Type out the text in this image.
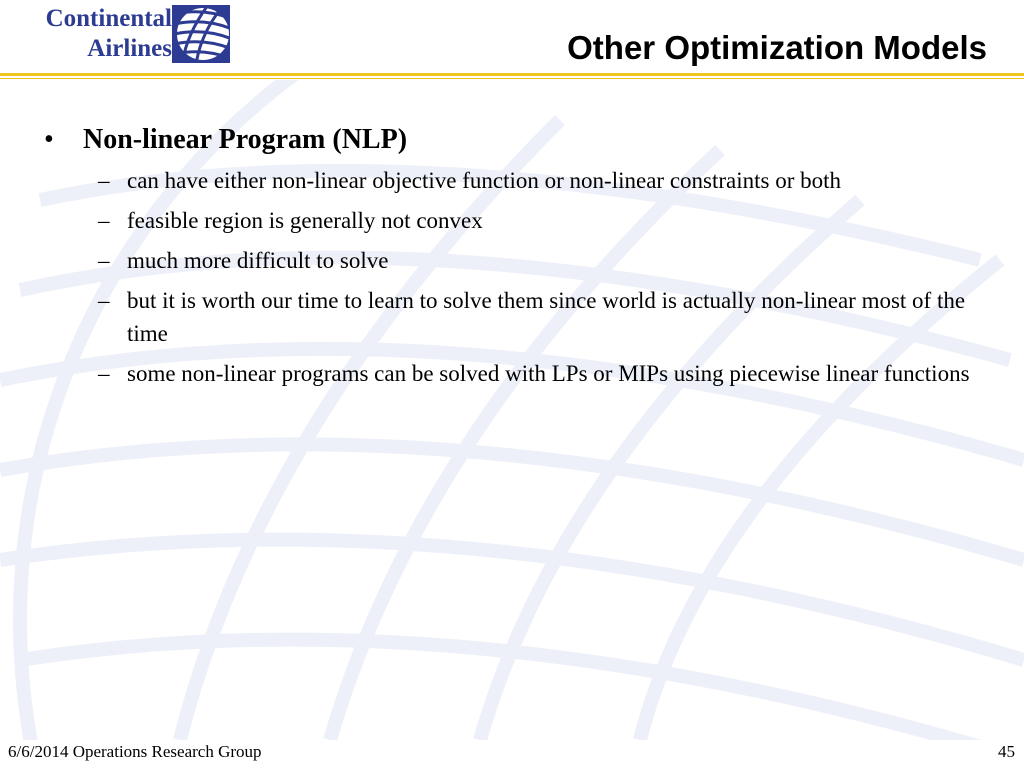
Continental
Airlines	Other Optimization Models
• Non-linear Program (NLP)
– can have either non-linear objective function or non-linear constraints or both
– feasible region is generally not convex
– much more difficult to solve
– but it is worth our time to learn to solve them since world is actually non-linear most of the time
– some non-linear programs can be solved with LPs or MIPs using piecewise linear functions
6/6/2014 Operations Research Group	45
